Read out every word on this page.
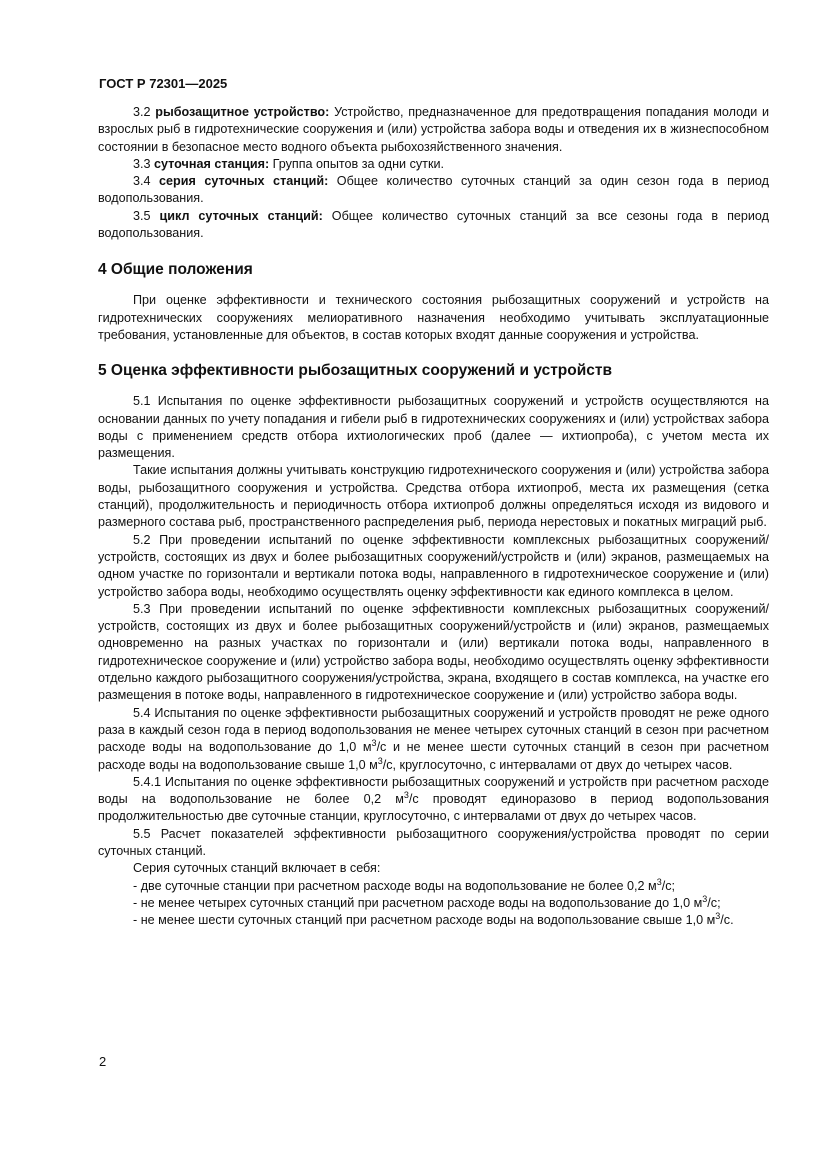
ГОСТ Р 72301—2025

3.2 рыбозащитное устройство: Устройство, предназначенное для предотвращения попадания молоди и взрослых рыб в гидротехнические сооружения и (или) устройства забора воды и отведения их в жизнеспособном состоянии в безопасное место водного объекта рыбохозяйственного значения.

3.3 суточная станция: Группа опытов за одни сутки.

3.4 серия суточных станций: Общее количество суточных станций за один сезон года в период водопользования.

3.5 цикл суточных станций: Общее количество суточных станций за все сезоны года в период водопользования.

4 Общие положения

При оценке эффективности и технического состояния рыбозащитных сооружений и устройств на гидротехнических сооружениях мелиоративного назначения необходимо учитывать эксплуатационные требования, установленные для объектов, в состав которых входят данные сооружения и устройства.

5 Оценка эффективности рыбозащитных сооружений и устройств

5.1 Испытания по оценке эффективности рыбозащитных сооружений и устройств осуществляются на основании данных по учету попадания и гибели рыб в гидротехнических сооружениях и (или) устройствах забора воды с применением средств отбора ихтиологических проб (далее — ихтиопроба), с учетом места их размещения.

Такие испытания должны учитывать конструкцию гидротехнического сооружения и (или) устройства забора воды, рыбозащитного сооружения и устройства. Средства отбора ихтиопроб, места их размещения (сетка станций), продолжительность и периодичность отбора ихтиопроб должны определяться исходя из видового и размерного состава рыб, пространственного распределения рыб, периода нерестовых и покатных миграций рыб.

5.2 При проведении испытаний по оценке эффективности комплексных рыбозащитных сооружений/устройств, состоящих из двух и более рыбозащитных сооружений/устройств и (или) экранов, размещаемых на одном участке по горизонтали и вертикали потока воды, направленного в гидротехническое сооружение и (или) устройство забора воды, необходимо осуществлять оценку эффективности как единого комплекса в целом.

5.3 При проведении испытаний по оценке эффективности комплексных рыбозащитных сооружений/устройств, состоящих из двух и более рыбозащитных сооружений/устройств и (или) экранов, размещаемых одновременно на разных участках по горизонтали и (или) вертикали потока воды, направленного в гидротехническое сооружение и (или) устройство забора воды, необходимо осуществлять оценку эффективности отдельно каждого рыбозащитного сооружения/устройства, экрана, входящего в состав комплекса, на участке его размещения в потоке воды, направленного в гидротехническое сооружение и (или) устройство забора воды.

5.4 Испытания по оценке эффективности рыбозащитных сооружений и устройств проводят не реже одного раза в каждый сезон года в период водопользования не менее четырех суточных станций в сезон при расчетном расходе воды на водопользование до 1,0 $м^3/с$ и не менее шести суточных станций в сезон при расчетном расходе воды на водопользование свыше 1,0 $м^3/с$, круглосуточно, с интервалами от двух до четырех часов.

5.4.1 Испытания по оценке эффективности рыбозащитных сооружений и устройств при расчетном расходе воды на водопользование не более 0,2 $м^3/с$ проводят единоразово в период водопользования продолжительностью две суточные станции, круглосуточно, с интервалами от двух до четырех часов.

5.5 Расчет показателей эффективности рыбозащитного сооружения/устройства проводят по серии суточных станций.

Серия суточных станций включает в себя:

- две суточные станции при расчетном расходе воды на водопользование не более 0,2 $м^3/с$;

- не менее четырех суточных станций при расчетном расходе воды на водопользование до 1,0 $м^3/с$;

- не менее шести суточных станций при расчетном расходе воды на водопользование свыше 1,0 $м^3/с$.

2
